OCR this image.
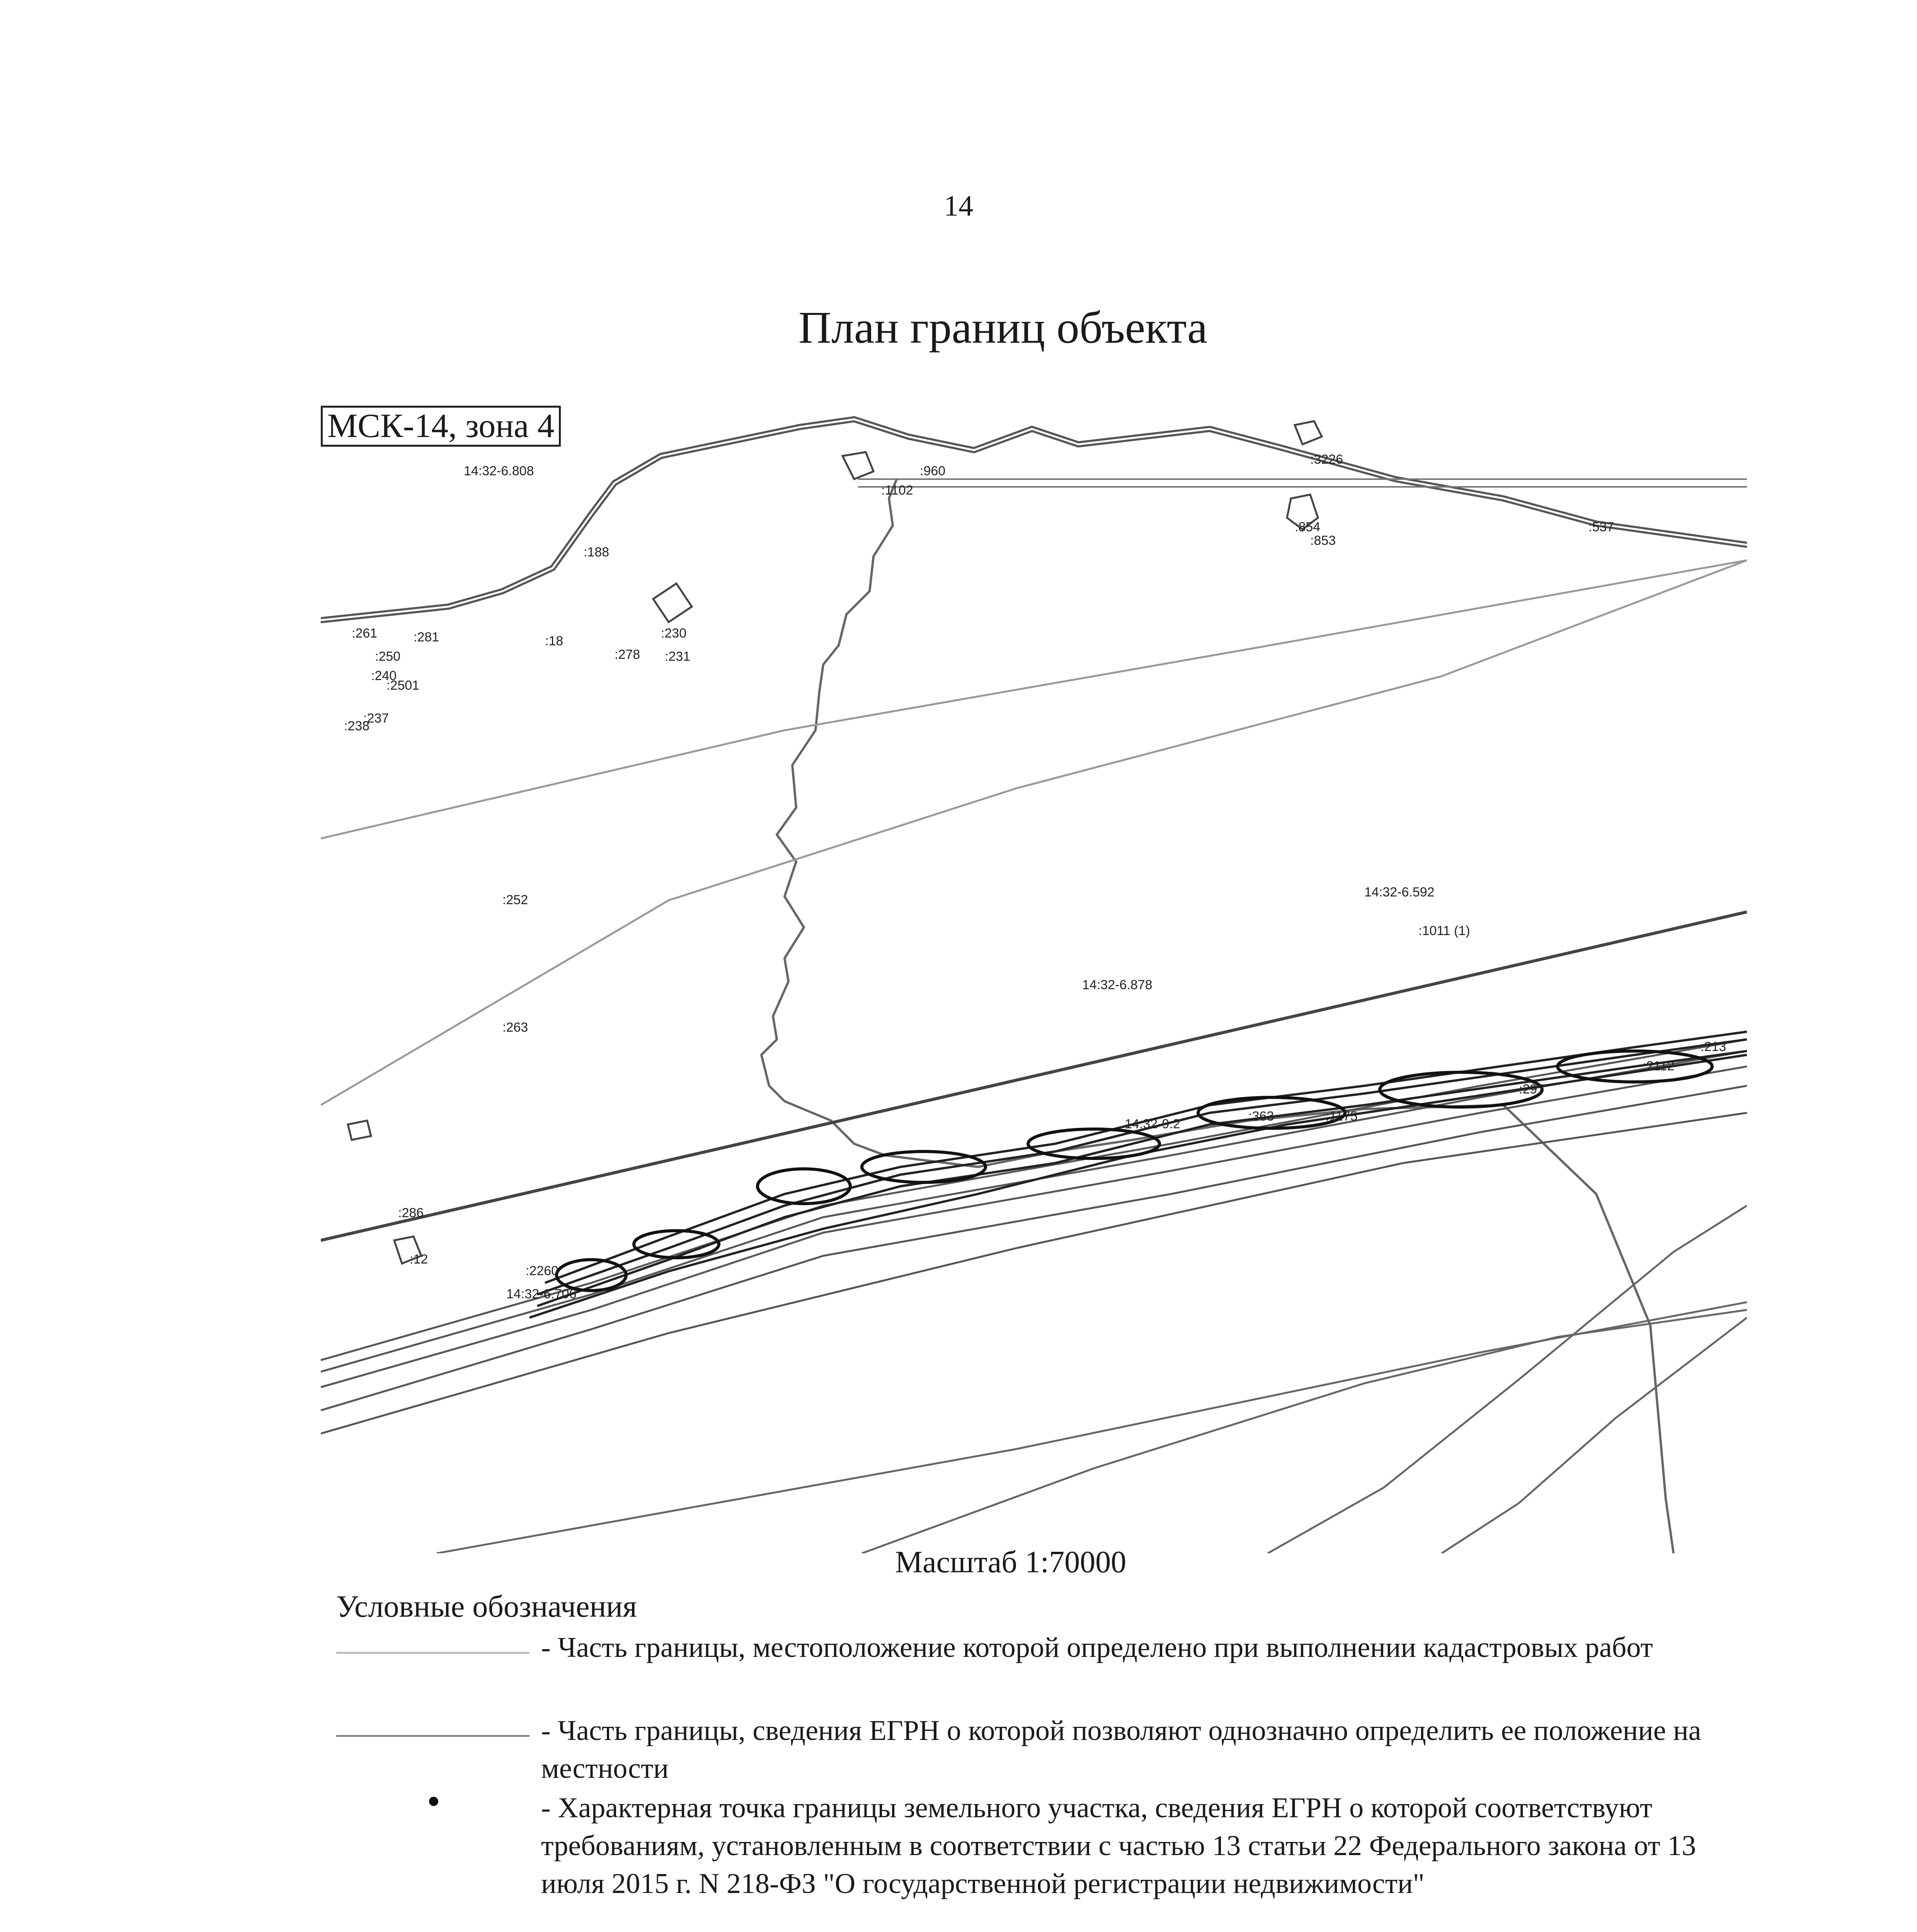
14
План границ объекта
14:32-6.808	:960
:1102
:3226
:854
:853
:537
:188
:261	:281
:250
:240
:2501
:237
:238
:18
:278
:230
:231
:252
:263
:286
:12
14:32-6.592
:1011 (1)
14:32-6.878
14:32-9.2
:363	:1175
:297
:2112
:213
14:32-6.706
:2260
МСК-14, зона 4
Масштаб 1:70000
Условные обозначения
- Часть границы, местоположение которой определено при выполнении кадастровых работ
- Часть границы, сведения ЕГРН о которой позволяют однозначно определить ее положение на местности
- Характерная точка границы земельного участка, сведения ЕГРН о которой соответствуют требованиям, установленным в соответствии с частью 13 статьи 22 Федерального закона от 13 июля 2015 г. N 218-ФЗ "О государственной регистрации недвижимости"
